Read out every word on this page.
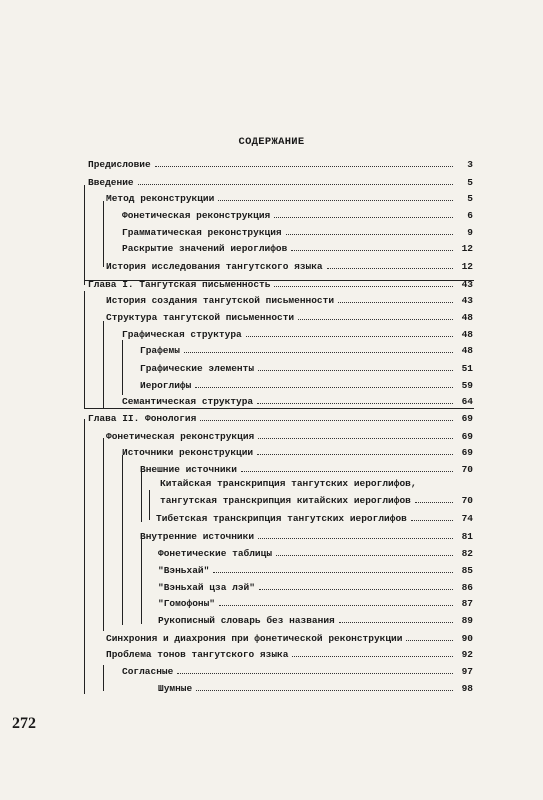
СОДЕРЖАНИЕ
Предисловие	3
Введение	5
Метод реконструкции	5
Фонетическая реконструкция	6
Грамматическая реконструкция	9
Раскрытие значений иероглифов	12
История исследования тангутского языка	12
Глава I. Тангутская письменность	43
История создания тангутской письменности	43
Структура тангутской письменности	48
Графическая структура	48
Графемы	48
Графические элементы	51
Иероглифы	59
Семантическая структура	64
Глава II. Фонология	69
Фонетическая реконструкция	69
Источники реконструкции	69
Внешние источники	70
Китайская транскрипция тангутских иероглифов,
тангутская транскрипция китайских иероглифов	70
Тибетская транскрипция тангутских иероглифов	74
Внутренние источники	81
Фонетические таблицы	82
"Вэньхай"	85
"Вэньхай цза лэй"	86
"Гомофоны"	87
Рукописный словарь без названия	89
Синхрония и диахрония при фонетической реконструкции	90
Проблема тонов тангутского языка	92
Согласные	97
Шумные	98
272
